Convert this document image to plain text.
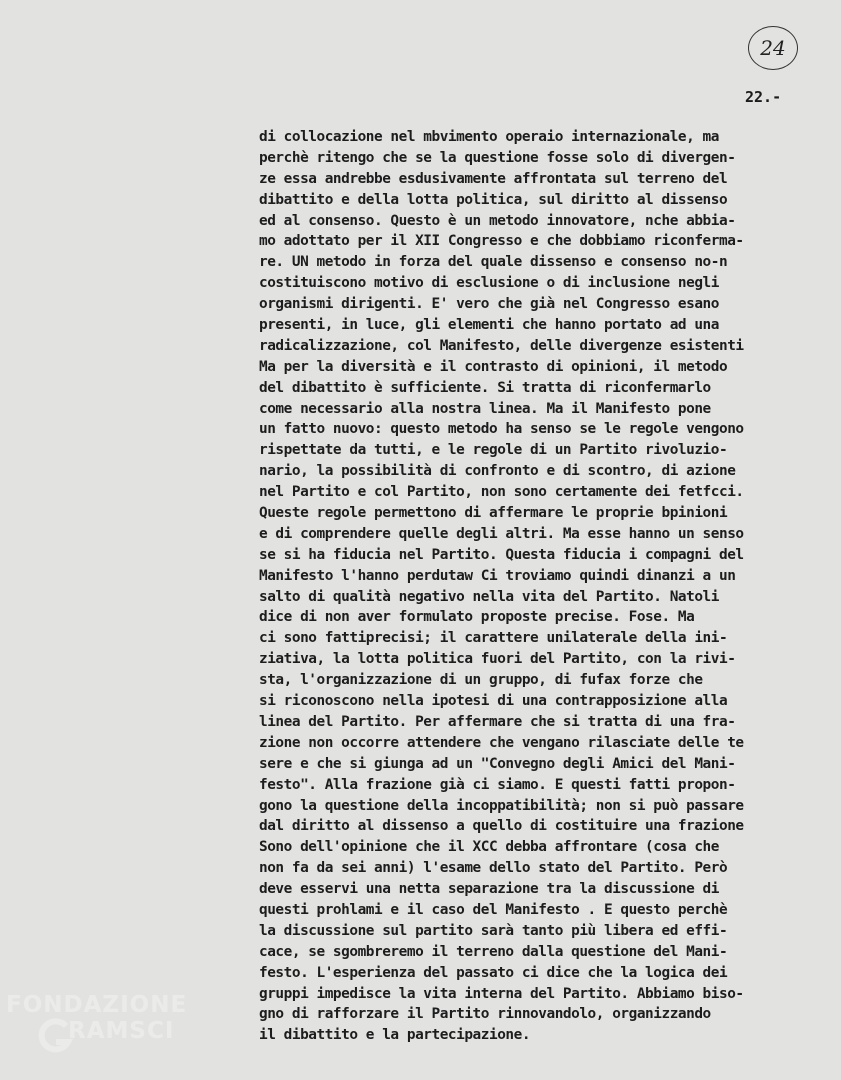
24
22.-
di collocazione nel mbvimento operaio internazionale, ma
perchè ritengo che se la questione fosse solo di divergen-
ze essa andrebbe esdusivamente affrontata sul terreno del
dibattito e della lotta politica, sul diritto al dissenso
ed al consenso. Questo è un metodo innovatore, nche abbia-
mo adottato per il XII Congresso e che dobbiamo riconferma-
re. UN metodo in forza del quale dissenso e consenso no-n
costituiscono motivo di esclusione o di inclusione negli
organismi dirigenti. E' vero che già nel Congresso esano
presenti, in luce, gli elementi che hanno portato ad una
radicalizzazione, col Manifesto, delle divergenze esistenti
Ma per la diversità e il contrasto di opinioni, il metodo
del dibattito è sufficiente. Si tratta di riconfermarlo
come necessario alla nostra linea. Ma il Manifesto pone
un fatto nuovo: questo metodo ha senso se le regole vengono
rispettate da tutti, e le regole di un Partito rivoluzio-
nario, la possibilità di confronto e di scontro, di azione
nel Partito e col Partito, non sono certamente dei fetfcci.
Queste regole permettono di affermare le proprie bpinioni
e di comprendere quelle degli altri. Ma esse hanno un senso
se si ha fiducia nel Partito. Questa fiducia i compagni del
Manifesto l'hanno perdutaw Ci troviamo quindi dinanzi a un
salto di qualità negativo nella vita del Partito. Natoli
dice di non aver formulato proposte precise. Fose. Ma
ci sono fattiprecisi; il carattere unilaterale della ini-
ziativa, la lotta politica fuori del Partito, con la rivi-
sta, l'organizzazione di un gruppo, di fufax forze che
si riconoscono nella ipotesi di una contrapposizione alla
linea del Partito. Per affermare che si tratta di una fra-
zione non occorre attendere che vengano rilasciate delle te
sere e che si giunga ad un "Convegno degli Amici del Mani-
festo". Alla frazione già ci siamo. E questi fatti propon-
gono la questione della incoppatibilità; non si può passare
dal diritto al dissenso a quello di costituire una frazione
Sono dell'opinione che il XCC debba affrontare (cosa che
non fa da sei anni) l'esame dello stato del Partito. Però
deve esservi una netta separazione tra la discussione di
questi prohlami e il caso del Manifesto . E questo perchè
la discussione sul partito sarà tanto più libera ed effi-
cace, se sgombreremo il terreno dalla questione del Mani-
festo. L'esperienza del passato ci dice che la logica dei
gruppi impedisce la vita interna del Partito. Abbiamo biso-
gno di rafforzare il Partito rinnovandolo, organizzando
il dibattito e la partecipazione.
FONDAZIONE
RAMSCI
